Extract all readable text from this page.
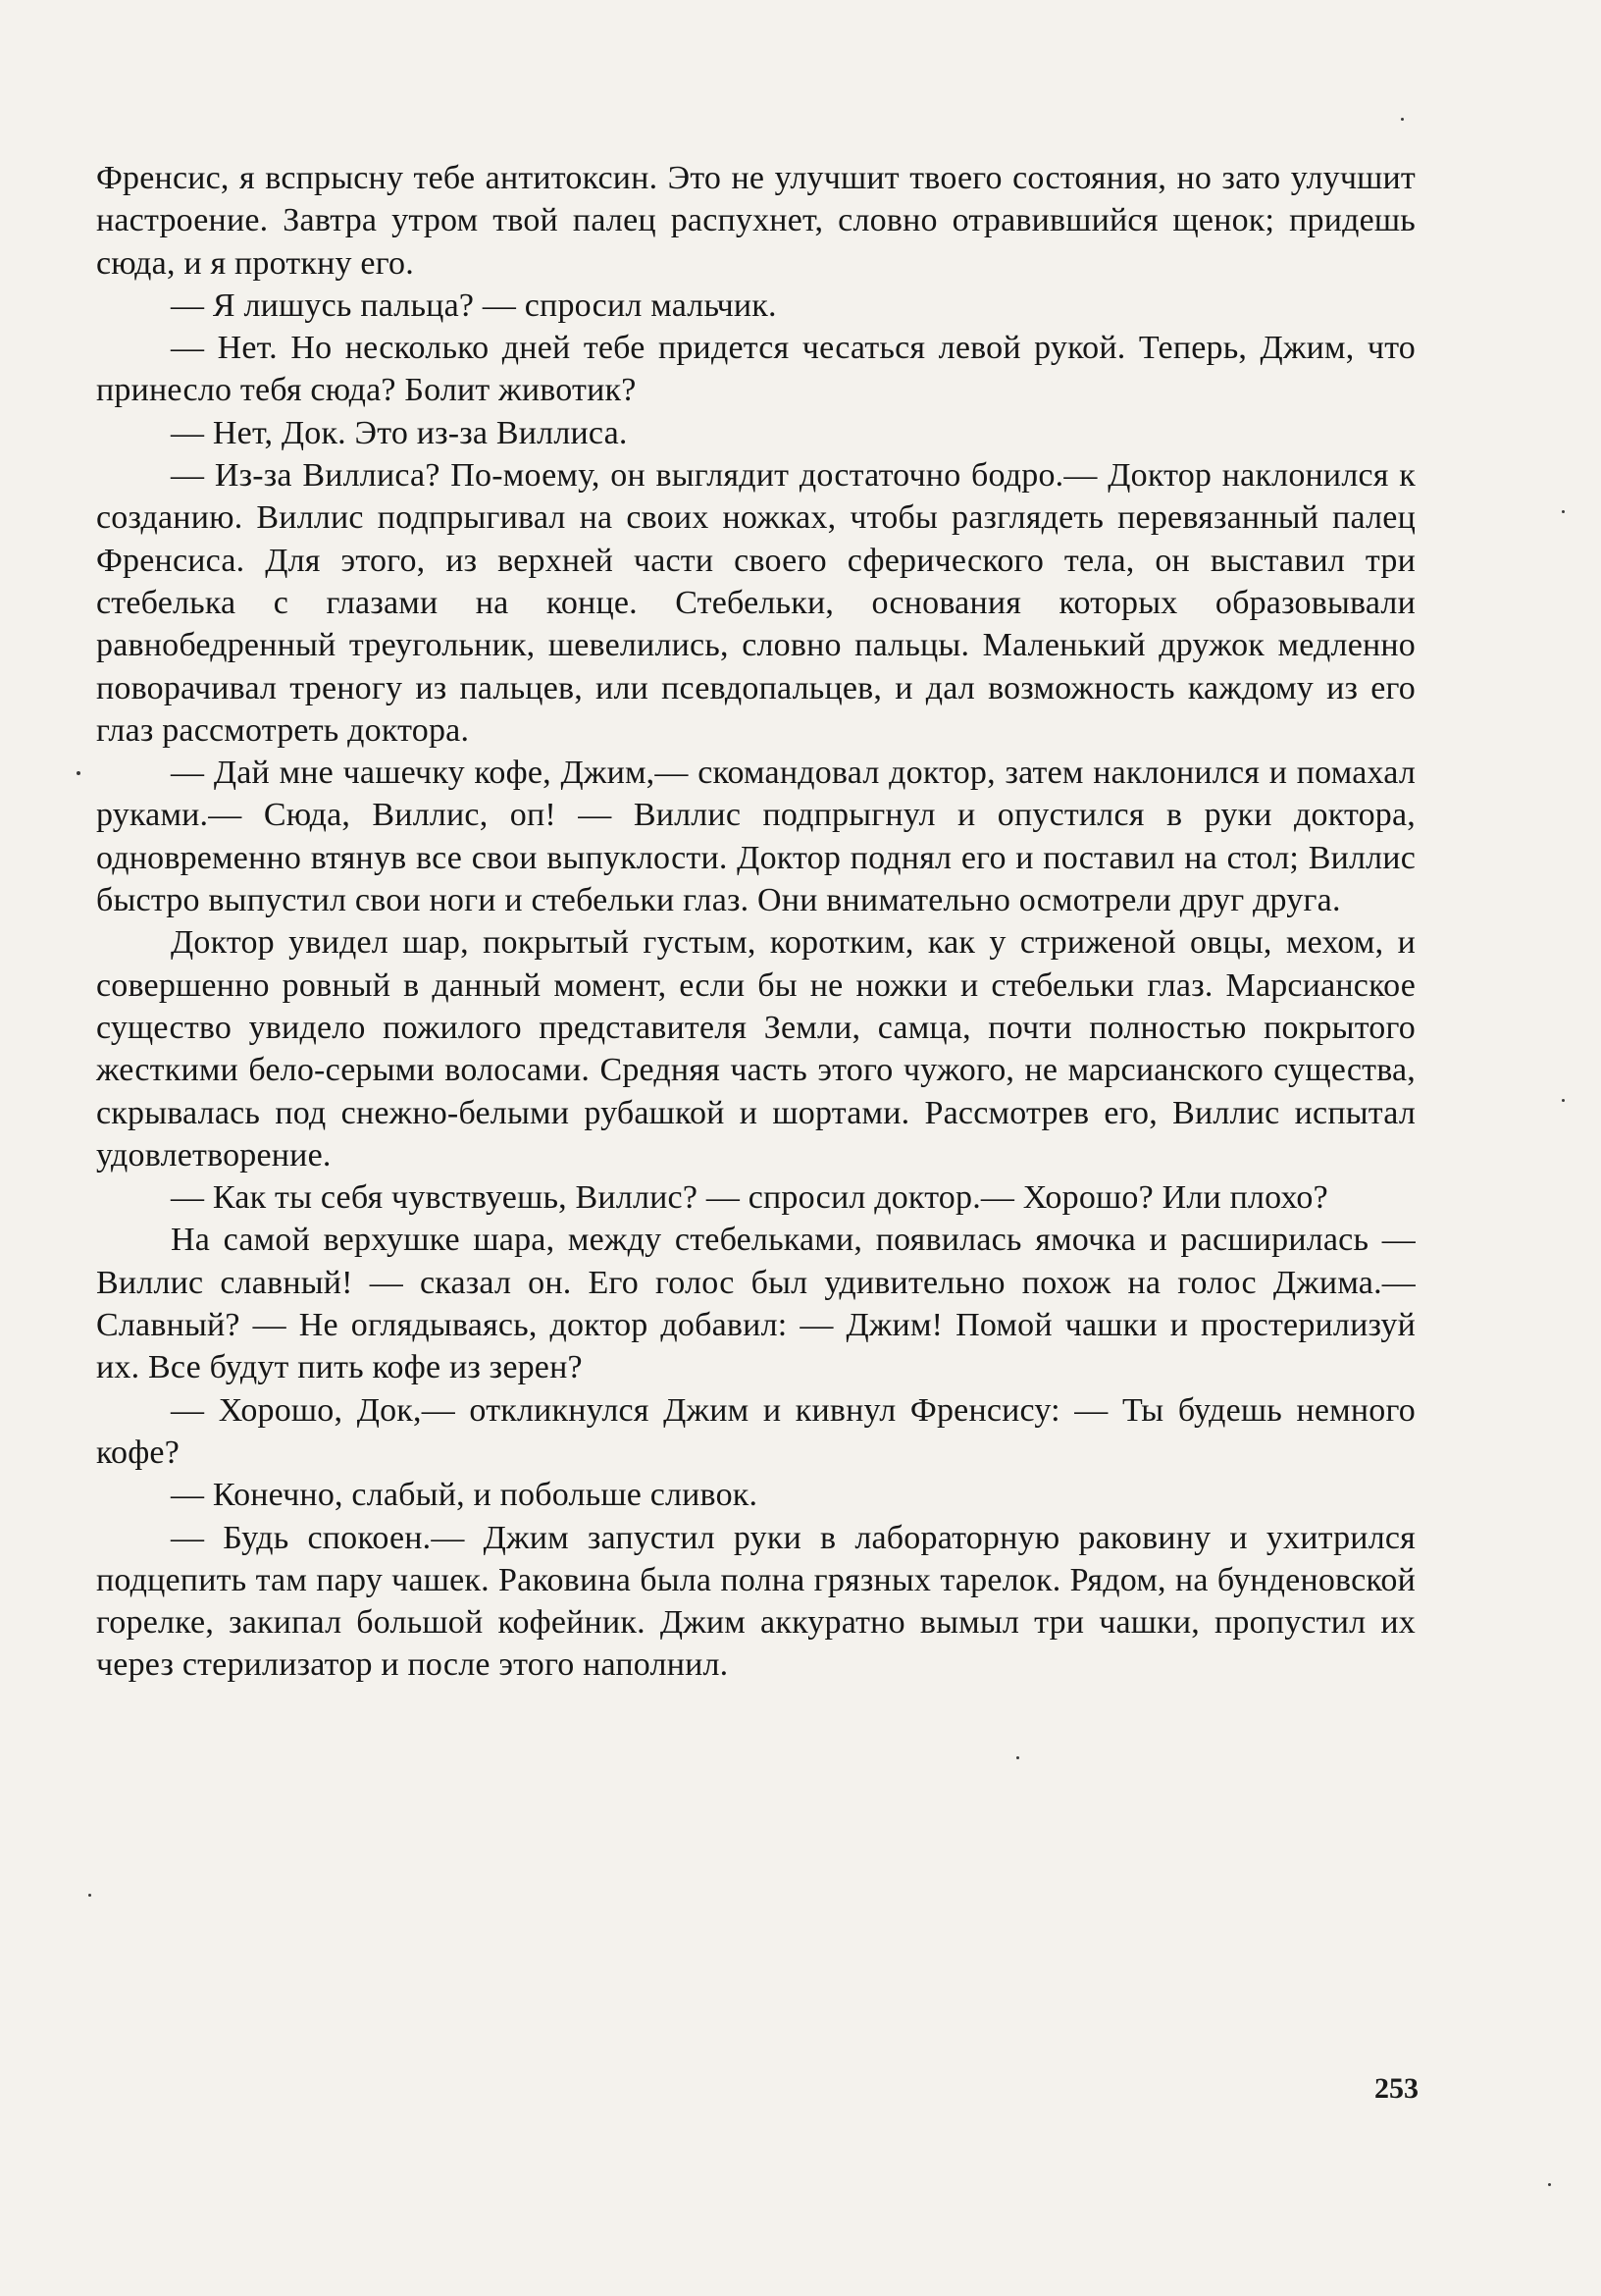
Френсис, я вспрысну тебе антитоксин. Это не улучшит твоего состояния, но зато улучшит настроение. Завтра утром твой палец распухнет, словно отравившийся щенок; придешь сюда, и я проткну его.

— Я лишусь пальца? — спросил мальчик.

— Нет. Но несколько дней тебе придется чесаться левой рукой. Теперь, Джим, что принесло тебя сюда? Болит животик?

— Нет, Док. Это из-за Виллиса.

— Из-за Виллиса? По-моему, он выглядит достаточно бодро.— Доктор наклонился к созданию. Виллис подпрыгивал на своих ножках, чтобы разглядеть перевязанный палец Френсиса. Для этого, из верхней части своего сферического тела, он выставил три стебелька с глазами на конце. Стебельки, основания которых образовывали равнобедренный треугольник, шевелились, словно пальцы. Маленький дружок медленно поворачивал треногу из пальцев, или псевдопальцев, и дал возможность каждому из его глаз рассмотреть доктора.

— Дай мне чашечку кофе, Джим,— скомандовал доктор, затем наклонился и помахал руками.— Сюда, Виллис, оп! — Виллис подпрыгнул и опустился в руки доктора, одновременно втянув все свои выпуклости. Доктор поднял его и поставил на стол; Виллис быстро выпустил свои ноги и стебельки глаз. Они внимательно осмотрели друг друга.

Доктор увидел шар, покрытый густым, коротким, как у стриженой овцы, мехом, и совершенно ровный в данный момент, если бы не ножки и стебельки глаз. Марсианское существо увидело пожилого представителя Земли, самца, почти полностью покрытого жесткими бело-серыми волосами. Средняя часть этого чужого, не марсианского существа, скрывалась под снежно-белыми рубашкой и шортами. Рассмотрев его, Виллис испытал удовлетворение.

— Как ты себя чувствуешь, Виллис? — спросил доктор.— Хорошо? Или плохо?

На самой верхушке шара, между стебельками, появилась ямочка и расширилась — Виллис славный! — сказал он. Его голос был удивительно похож на голос Джима.— Славный? — Не оглядываясь, доктор добавил: — Джим! Помой чашки и простерилизуй их. Все будут пить кофе из зерен?

— Хорошо, Док,— откликнулся Джим и кивнул Френсису: — Ты будешь немного кофе?

— Конечно, слабый, и побольше сливок.

— Будь спокоен.— Джим запустил руки в лабораторную раковину и ухитрился подцепить там пару чашек. Раковина была полна грязных тарелок. Рядом, на бунденовской горелке, закипал большой кофейник. Джим аккуратно вымыл три чашки, пропустил их через стерилизатор и после этого наполнил.

253
